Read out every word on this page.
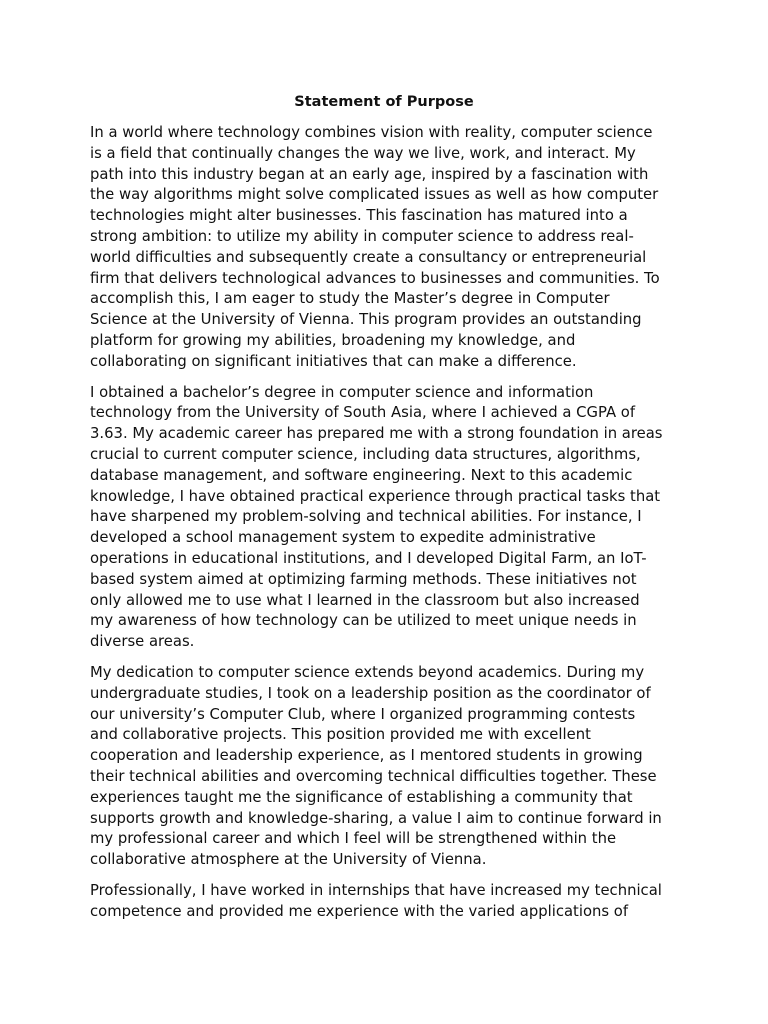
Statement of Purpose

In a world where technology combines vision with reality, computer science
is a field that continually changes the way we live, work, and interact. My
path into this industry began at an early age, inspired by a fascination with
the way algorithms might solve complicated issues as well as how computer
technologies might alter businesses. This fascination has matured into a
strong ambition: to utilize my ability in computer science to address real-
world difficulties and subsequently create a consultancy or entrepreneurial
firm that delivers technological advances to businesses and communities. To
accomplish this, I am eager to study the Master’s degree in Computer
Science at the University of Vienna. This program provides an outstanding
platform for growing my abilities, broadening my knowledge, and
collaborating on significant initiatives that can make a difference.

I obtained a bachelor’s degree in computer science and information
technology from the University of South Asia, where I achieved a CGPA of
3.63. My academic career has prepared me with a strong foundation in areas
crucial to current computer science, including data structures, algorithms,
database management, and software engineering. Next to this academic
knowledge, I have obtained practical experience through practical tasks that
have sharpened my problem-solving and technical abilities. For instance, I
developed a school management system to expedite administrative
operations in educational institutions, and I developed Digital Farm, an IoT-
based system aimed at optimizing farming methods. These initiatives not
only allowed me to use what I learned in the classroom but also increased
my awareness of how technology can be utilized to meet unique needs in
diverse areas.

My dedication to computer science extends beyond academics. During my
undergraduate studies, I took on a leadership position as the coordinator of
our university’s Computer Club, where I organized programming contests
and collaborative projects. This position provided me with excellent
cooperation and leadership experience, as I mentored students in growing
their technical abilities and overcoming technical difficulties together. These
experiences taught me the significance of establishing a community that
supports growth and knowledge-sharing, a value I aim to continue forward in
my professional career and which I feel will be strengthened within the
collaborative atmosphere at the University of Vienna.

Professionally, I have worked in internships that have increased my technical
competence and provided me experience with the varied applications of
